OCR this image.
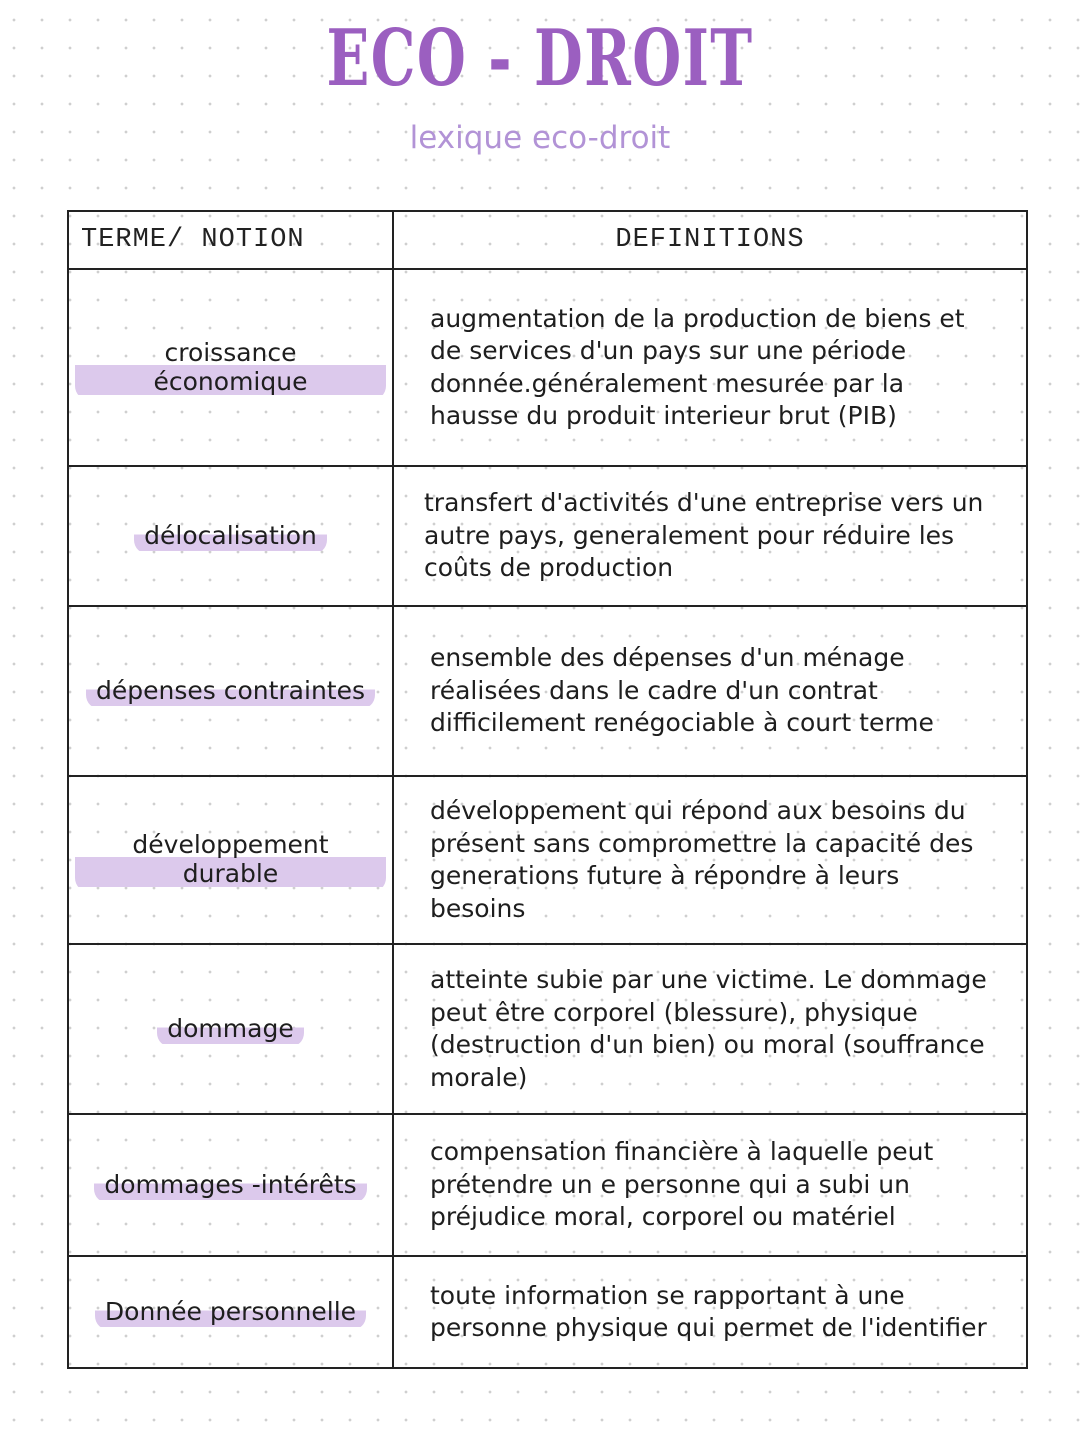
ECO - DROIT
lexique eco-droit
TERME/ NOTION	DEFINITIONS
croissance économique	augmentation de la production de biens et de services d'un pays sur une période donnée.généralement mesurée par la hausse du produit interieur brut (PIB)
délocalisation	transfert d'activités d'une entreprise vers un autre pays, generalement pour réduire les coûts de production
dépenses contraintes	ensemble des dépenses d'un ménage réalisées dans le cadre d'un contrat difficilement renégociable à court terme
développement durable	développement qui répond aux besoins du présent sans compromettre la capacité des generations future à répondre à leurs besoins
dommage	atteinte subie par une victime. Le dommage peut être corporel (blessure), physique (destruction d'un bien) ou moral (souffrance morale)
dommages -intérêts	compensation financière à laquelle peut prétendre un e personne qui a subi un préjudice moral, corporel ou matériel
Donnée personnelle	toute information se rapportant à une personne physique qui permet de l'identifier
